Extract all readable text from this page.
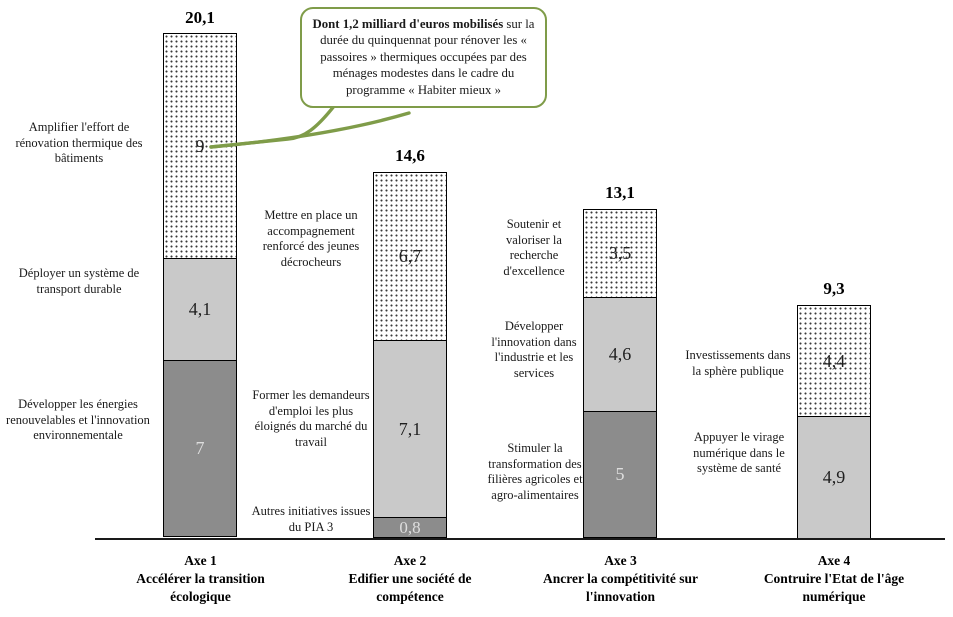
Dont 1,2 milliard d'euros mobilisés sur la durée du quinquennat pour rénover les « passoires » thermiques occupées par des ménages modestes dans le cadre du programme « Habiter mieux »
Amplifier l'effort de rénovation thermique des bâtiments
Déployer un système de transport durable
Développer les énergies renouvelables et l'innovation environnementale
Mettre en place un accompagnement renforcé des jeunes décrocheurs
Former les demandeurs d'emploi les plus éloignés du marché du travail
Autres initiatives issues du PIA 3
Soutenir et valoriser la recherche d'excellence
Développer l'innovation dans l'industrie et les services
Stimuler la transformation des filières agricoles et agro-alimentaires
Investissements dans la sphère publique
Appuyer le virage numérique dans le système de santé
20,1
14,6
13,1
9,3
9
4,1
7
6,7
7,1
0,8
3,5
4,6
5
4,4
4,9
Axe 1
Accélérer la transition écologique
Axe 2
Edifier une société de compétence
Axe 3
Ancrer la compétitivité sur l'innovation
Axe 4
Contruire l'Etat de l'âge numérique
